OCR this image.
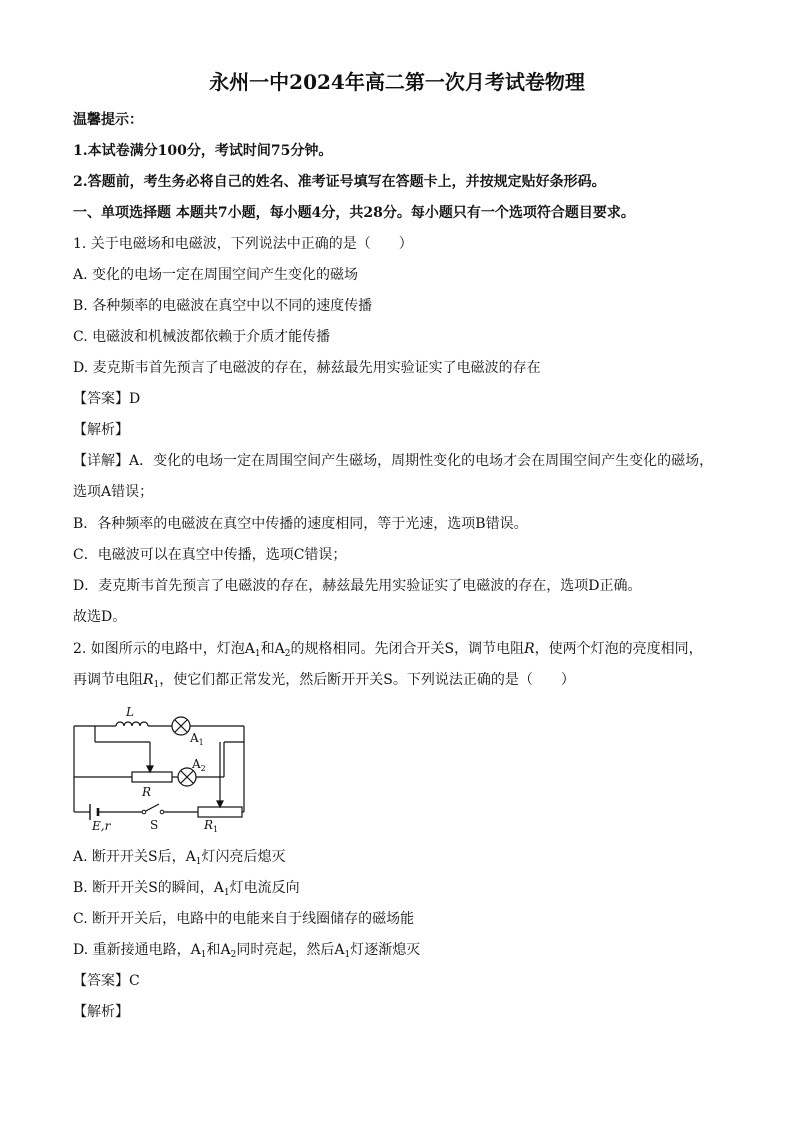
永州一中2024年高二第一次月考试卷物理
温馨提示：
1.本试卷满分100分，考试时间75分钟。
2.答题前，考生务必将自己的姓名、准考证号填写在答题卡上，并按规定贴好条形码。
一、单项选择题 本题共7小题，每小题4分，共28分。每小题只有一个选项符合题目要求。
1. 关于电磁场和电磁波，下列说法中正确的是（　　）
A. 变化的电场一定在周围空间产生变化的磁场
B. 各种频率的电磁波在真空中以不同的速度传播
C. 电磁波和机械波都依赖于介质才能传播
D. 麦克斯韦首先预言了电磁波的存在，赫兹最先用实验证实了电磁波的存在
【答案】D
【解析】
【详解】A．变化的电场一定在周围空间产生磁场，周期性变化的电场才会在周围空间产生变化的磁场，
选项A错误；
B．各种频率的电磁波在真空中传播的速度相同，等于光速，选项B错误。
C．电磁波可以在真空中传播，选项C错误；
D．麦克斯韦首先预言了电磁波的存在，赫兹最先用实验证实了电磁波的存在，选项D正确。
故选D。
2. 如图所示的电路中，灯泡$A_1$和$A_2$的规格相同。先闭合开关S，调节电阻R，使两个灯泡的亮度相同，
再调节电阻$R_1$，使它们都正常发光，然后断开开关S。下列说法正确的是（　　）
L
$A_1$
$A_2$
R
S
E,r	$R_1$
A. 断开开关S后，$A_1$灯闪亮后熄灭
B. 断开开关S的瞬间，$A_1$灯电流反向
C. 断开开关后，电路中的电能来自于线圈储存的磁场能
D. 重新接通电路，$A_1$和$A_2$同时亮起，然后$A_1$灯逐渐熄灭
【答案】C
【解析】
